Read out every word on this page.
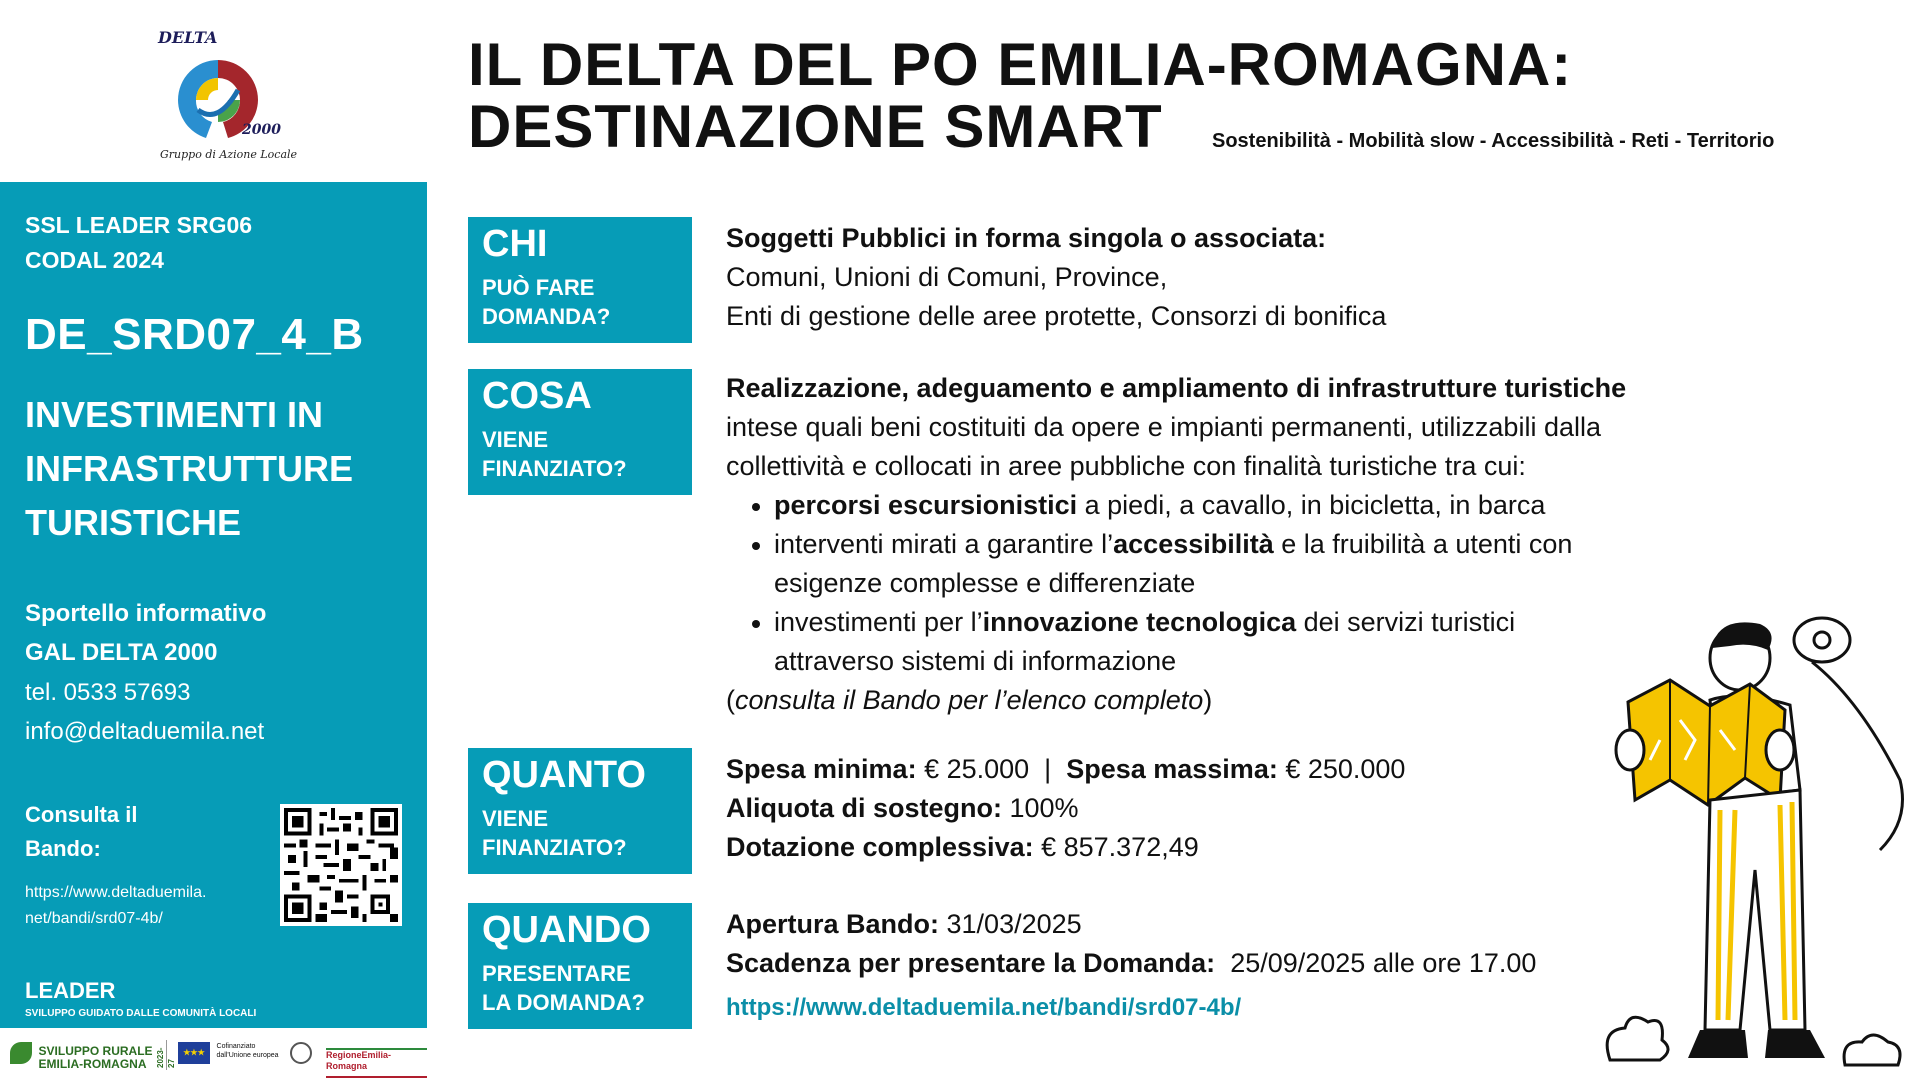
DELTA
2000
Gruppo di Azione Locale
SSL LEADER SRG06
CODAL 2024
DE_SRD07_4_B
INVESTIMENTI IN
INFRASTRUTTURE
TURISTICHE
Sportello informativo
GAL DELTA 2000
tel. 0533 57693
info@deltaduemila.net
Consulta il
Bando:
https://www.deltaduemila.
net/bandi/srd07-4b/
LEADER
SVILUPPO GUIDATO DALLE COMUNITÀ LOCALI
SVILUPPO RURALE
EMILIA-ROMAGNA 2023-27
★★★ Cofinanziato
dall'Unione europea	RegioneEmilia-Romagna
IL DELTA DEL PO EMILIA-ROMAGNA:
DESTINAZIONE SMART	Sostenibilità - Mobilità slow - Accessibilità - Reti - Territorio
CHI
PUÒ FARE
DOMANDA?
Soggetti Pubblici in forma singola o associata:
Comuni, Unioni di Comuni, Province,
Enti di gestione delle aree protette, Consorzi di bonifica
COSA
VIENE
FINANZIATO?
Realizzazione, adeguamento e ampliamento di infrastrutture turistiche
intese quali beni costituiti da opere e impianti permanenti, utilizzabili dalla
collettività e collocati in aree pubbliche con finalità turistiche tra cui:
percorsi escursionistici a piedi, a cavallo, in bicicletta, in barca
interventi mirati a garantire l’accessibilità e la fruibilità a utenti con
esigenze complesse e differenziate
investimenti per l’innovazione tecnologica dei servizi turistici
attraverso sistemi di informazione
(consulta il Bando per l’elenco completo)
QUANTO
VIENE
FINANZIATO?
Spesa minima: € 25.000  |  Spesa massima: € 250.000
Aliquota di sostegno: 100%
Dotazione complessiva: € 857.372,49
QUANDO
PRESENTARE
LA DOMANDA?
Apertura Bando: 31/03/2025
Scadenza per presentare la Domanda:  25/09/2025 alle ore 17.00
https://www.deltaduemila.net/bandi/srd07-4b/
